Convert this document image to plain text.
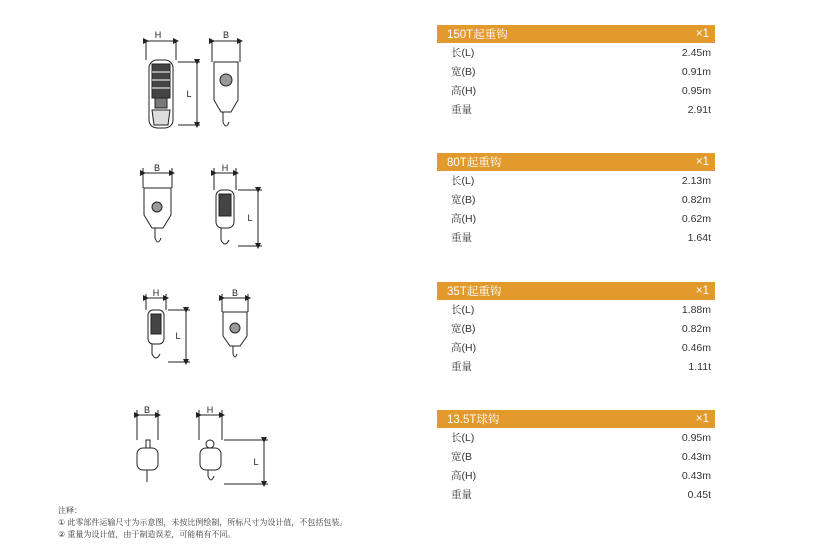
H	B
L
B	H
L
H	B
L
B	H
L
150T起重钩	×1
长(L)	2.45m
宽(B)	0.91m
高(H)	0.95m
重量	2.91t
80T起重钩	×1
长(L)	2.13m
宽(B)	0.82m
高(H)	0.62m
重量	1.64t
35T起重钩	×1
长(L)	1.88m
宽(B)	0.82m
高(H)	0.46m
重量	1.11t
13.5T球钩	×1
长(L)	0.95m
宽(B	0.43m
高(H)	0.43m
重量	0.45t
注释：
① 此零部件运输尺寸为示意图，未按比例绘制，所标尺寸为设计值，不包括包装。
② 重量为设计值，由于制造误差，可能稍有不同。
